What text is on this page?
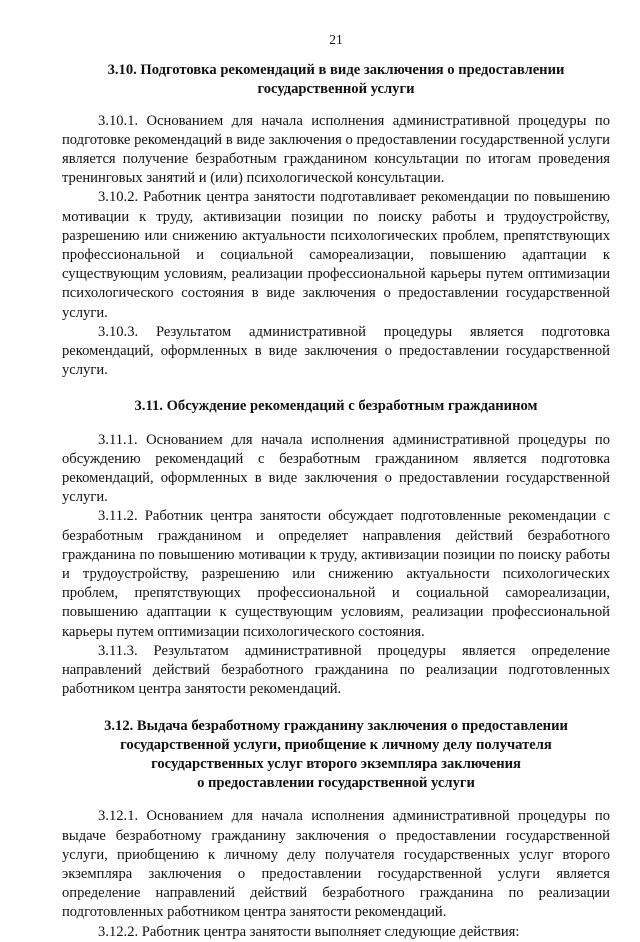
21
3.10. Подготовка рекомендаций в виде заключения о предоставлении
государственной услуги

3.10.1. Основанием для начала исполнения административной процедуры по подготовке рекомендаций в виде заключения о предоставлении государственной услуги является получение безработным гражданином консультации по итогам проведения тренинговых занятий и (или) психологической консультации.

3.10.2. Работник центра занятости подготавливает рекомендации по повышению мотивации к труду, активизации позиции по поиску работы и трудоустройству, разрешению или снижению актуальности психологических проблем, препятствующих профессиональной и социальной самореализации, повышению адаптации к существующим условиям, реализации профессиональной карьеры путем оптимизации психологического состояния в виде заключения о предоставлении государственной услуги.

3.10.3. Результатом административной процедуры является подготовка рекомендаций, оформленных в виде заключения о предоставлении государственной услуги.

3.11. Обсуждение рекомендаций с безработным гражданином

3.11.1. Основанием для начала исполнения административной процедуры по обсуждению рекомендаций с безработным гражданином является подготовка рекомендаций, оформленных в виде заключения о предоставлении государственной услуги.

3.11.2. Работник центра занятости обсуждает подготовленные рекомендации с безработным гражданином и определяет направления действий безработного гражданина по повышению мотивации к труду, активизации позиции по поиску работы и трудоустройству, разрешению или снижению актуальности психологических проблем, препятствующих профессиональной и социальной самореализации, повышению адаптации к существующим условиям, реализации профессиональной карьеры путем оптимизации психологического состояния.

3.11.3. Результатом административной процедуры является определение направлений действий безработного гражданина по реализации подготовленных работником центра занятости рекомендаций.

3.12. Выдача безработному гражданину заключения о предоставлении
государственной услуги, приобщение к личному делу получателя
государственных услуг второго экземпляра заключения
о предоставлении государственной услуги

3.12.1. Основанием для начала исполнения административной процедуры по выдаче безработному гражданину заключения о предоставлении государственной услуги, приобщению к личному делу получателя государственных услуг второго экземпляра заключения о предоставлении государственной услуги является определение направлений действий безработного гражданина по реализации подготовленных работником центра занятости рекомендаций.

3.12.2. Работник центра занятости выполняет следующие действия:
